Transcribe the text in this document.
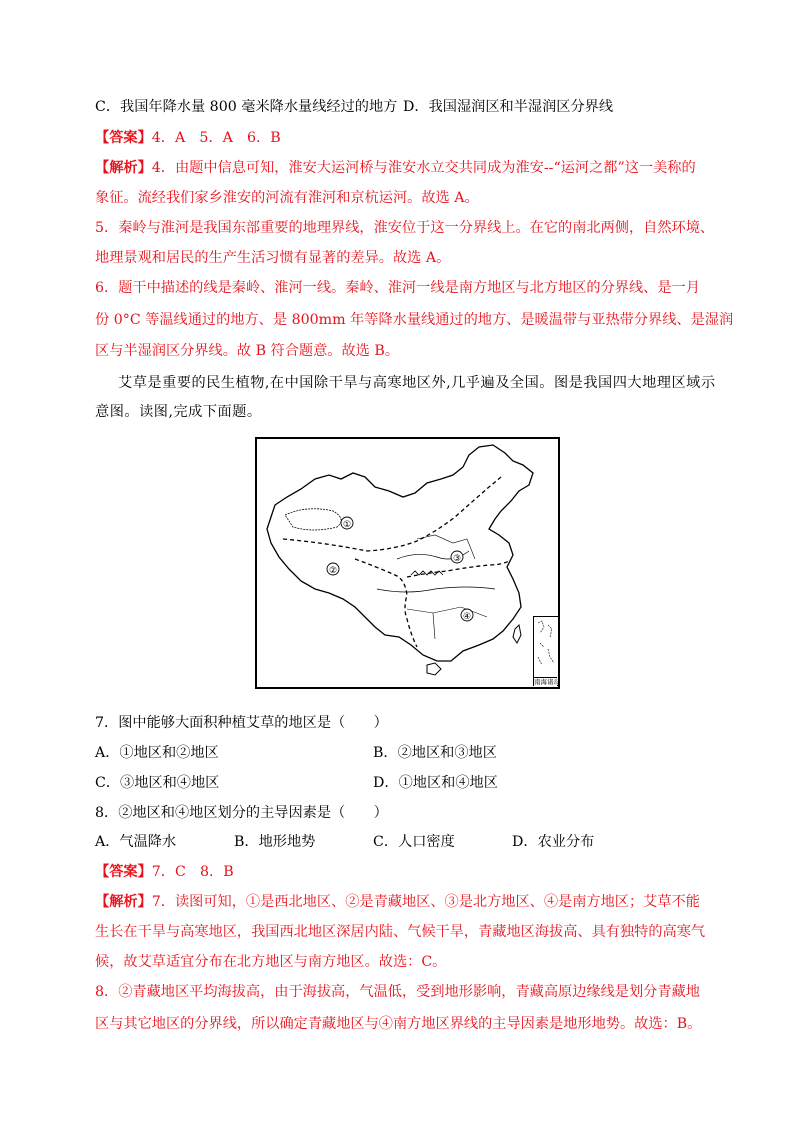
C．我国年降水量 800 毫米降水量线经过的地方 D．我国湿润区和半湿润区分界线
【答案】4．A　5．A　6．B
【解析】4．由题中信息可知，淮安大运河桥与淮安水立交共同成为淮安--“运河之都”这一美称的
象征。流经我们家乡淮安的河流有淮河和京杭运河。故选 A。
5．秦岭与淮河是我国东部重要的地理界线，淮安位于这一分界线上。在它的南北两侧，自然环境、
地理景观和居民的生产生活习惯有显著的差异。故选 A。
6．题干中描述的线是秦岭、淮河一线。秦岭、淮河一线是南方地区与北方地区的分界线、是一月
份 0°C 等温线通过的地方、是 800mm 年等降水量线通过的地方、是暖温带与亚热带分界线、是湿润
区与半湿润区分界线。故 B 符合题意。故选 B。
艾草是重要的民生植物,在中国除干旱与高寒地区外,几乎遍及全国。图是我国四大地理区域示
意图。读图,完成下面题。
①
②
③
④
南海诸岛
7．图中能够大面积种植艾草的地区是（　　）
A．①地区和②地区	B．②地区和③地区
C．③地区和④地区	D．①地区和④地区
8．②地区和④地区划分的主导因素是（　　）
A．气温降水	B．地形地势	C．人口密度	D．农业分布
【答案】7．C　8．B
【解析】7．读图可知，①是西北地区、②是青藏地区、③是北方地区、④是南方地区；艾草不能
生长在干旱与高寒地区，我国西北地区深居内陆、气候干旱，青藏地区海拔高、具有独特的高寒气
候，故艾草适宜分布在北方地区与南方地区。故选：C。
8．②青藏地区平均海拔高，由于海拔高，气温低，受到地形影响，青藏高原边缘线是划分青藏地
区与其它地区的分界线，所以确定青藏地区与④南方地区界线的主导因素是地形地势。故选：B。
